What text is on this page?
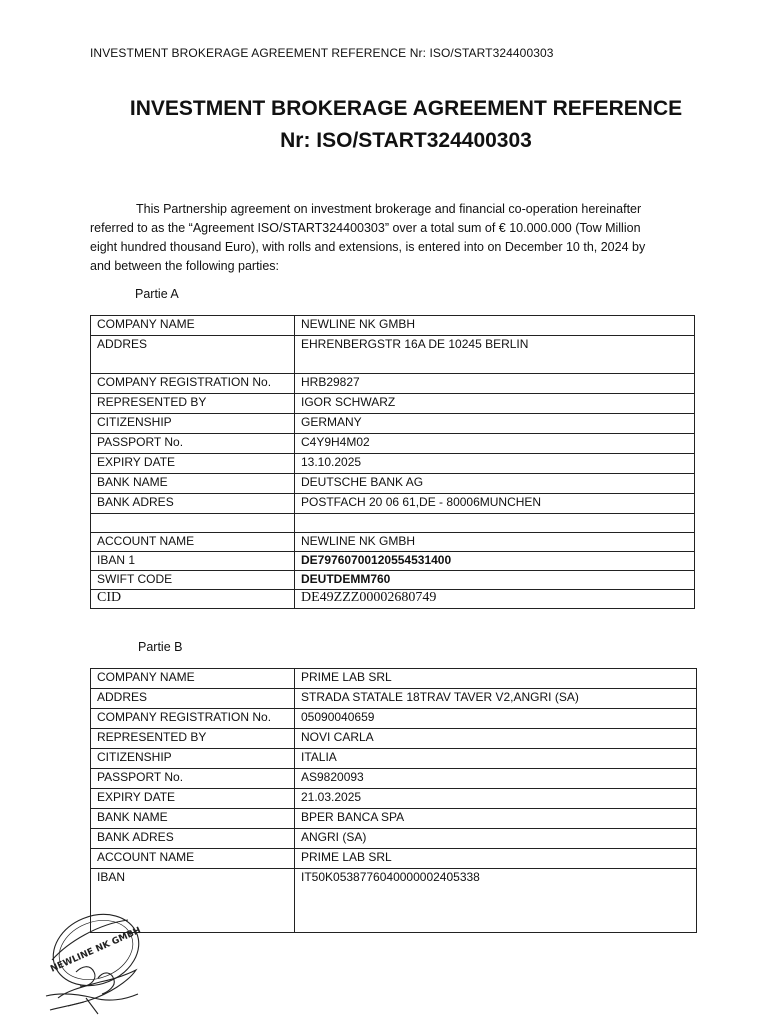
INVESTMENT BROKERAGE AGREEMENT REFERENCE Nr: ISO/START324400303
INVESTMENT BROKERAGE AGREEMENT REFERENCE
Nr: ISO/START324400303
This Partnership agreement on investment brokerage and financial co-operation hereinafter referred to as the “Agreement ISO/START324400303” over a total sum of € 10.000.000 (Tow Million eight hundred thousand Euro), with rolls and extensions, is entered into on December 10 th, 2024 by and between the following parties:
Partie A
COMPANY NAME	NEWLINE NK GMBH
ADDRES	EHRENBERGSTR 16A DE 10245 BERLIN
COMPANY REGISTRATION No.	HRB29827
REPRESENTED BY	IGOR SCHWARZ
CITIZENSHIP	GERMANY
PASSPORT No.	C4Y9H4M02
EXPIRY DATE	13.10.2025
BANK NAME	DEUTSCHE BANK AG
BANK ADRES	POSTFACH 20 06 61,DE - 80006MUNCHEN

ACCOUNT NAME	NEWLINE NK GMBH
IBAN 1	DE79760700120554531400
SWIFT CODE	DEUTDEMM760
CID	DE49ZZZ00002680749
Partie B
COMPANY NAME	PRIME LAB SRL
ADDRES	STRADA STATALE 18TRAV TAVER V2,ANGRI (SA)
COMPANY REGISTRATION No.	05090040659
REPRESENTED BY	NOVI CARLA
CITIZENSHIP	ITALIA
PASSPORT No.	AS9820093
EXPIRY DATE	21.03.2025
BANK NAME	BPER BANCA SPA
BANK ADRES	ANGRI (SA)
ACCOUNT NAME	PRIME LAB SRL
IBAN	IT50K0538776040000002405338
NEWLINE NK GMBH
